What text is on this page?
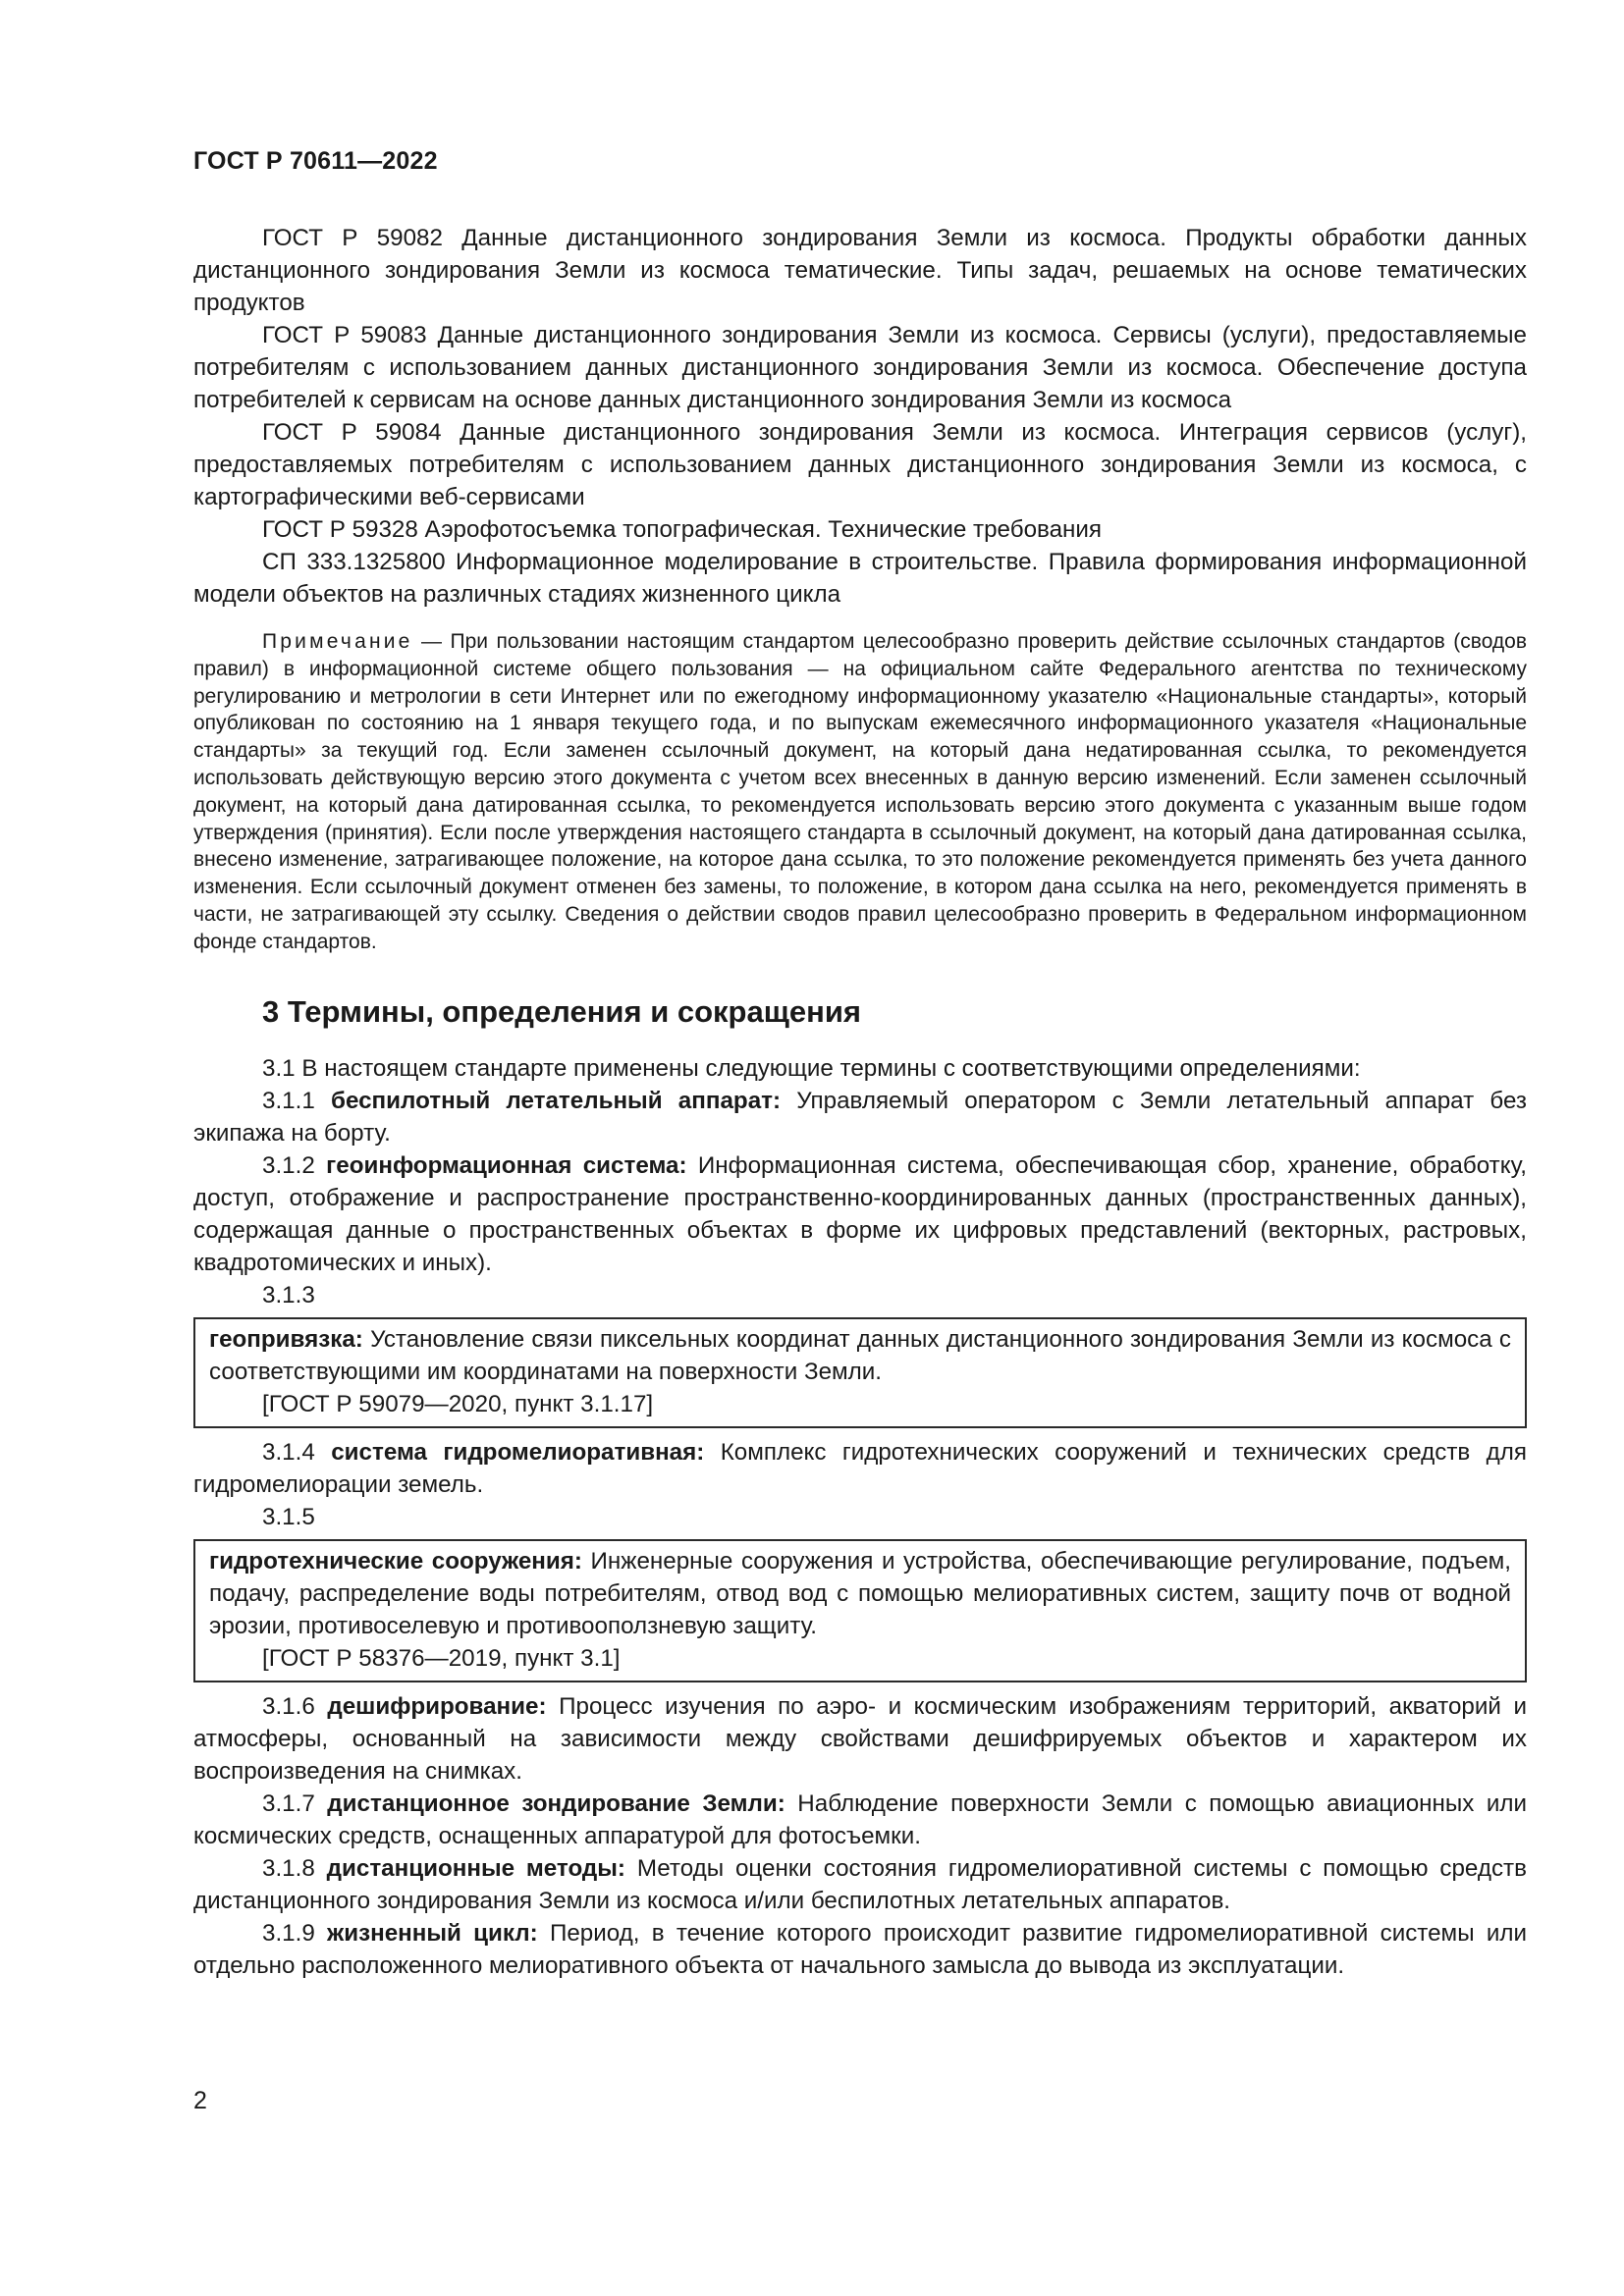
ГОСТ Р 70611—2022

ГОСТ Р 59082 Данные дистанционного зондирования Земли из космоса. Продукты обработки данных дистанционного зондирования Земли из космоса тематические. Типы задач, решаемых на основе тематических продуктов

ГОСТ Р 59083 Данные дистанционного зондирования Земли из космоса. Сервисы (услуги), предоставляемые потребителям с использованием данных дистанционного зондирования Земли из космоса. Обеспечение доступа потребителей к сервисам на основе данных дистанционного зондирования Земли из космоса

ГОСТ Р 59084 Данные дистанционного зондирования Земли из космоса. Интеграция сервисов (услуг), предоставляемых потребителям с использованием данных дистанционного зондирования Земли из космоса, с картографическими веб-сервисами

ГОСТ Р 59328 Аэрофотосъемка топографическая. Технические требования

СП 333.1325800 Информационное моделирование в строительстве. Правила формирования информационной модели объектов на различных стадиях жизненного цикла

Примечание — При пользовании настоящим стандартом целесообразно проверить действие ссылочных стандартов (сводов правил) в информационной системе общего пользования — на официальном сайте Федерального агентства по техническому регулированию и метрологии в сети Интернет или по ежегодному информационному указателю «Национальные стандарты», который опубликован по состоянию на 1 января текущего года, и по выпускам ежемесячного информационного указателя «Национальные стандарты» за текущий год. Если заменен ссылочный документ, на который дана недатированная ссылка, то рекомендуется использовать действующую версию этого документа с учетом всех внесенных в данную версию изменений. Если заменен ссылочный документ, на который дана датированная ссылка, то рекомендуется использовать версию этого документа с указанным выше годом утверждения (принятия). Если после утверждения настоящего стандарта в ссылочный документ, на который дана датированная ссылка, внесено изменение, затрагивающее положение, на которое дана ссылка, то это положение рекомендуется применять без учета данного изменения. Если ссылочный документ отменен без замены, то положение, в котором дана ссылка на него, рекомендуется применять в части, не затрагивающей эту ссылку. Сведения о действии сводов правил целесообразно проверить в Федеральном информационном фонде стандартов.

3 Термины, определения и сокращения

3.1 В настоящем стандарте применены следующие термины с соответствующими определениями:

3.1.1 беспилотный летательный аппарат: Управляемый оператором с Земли летательный аппарат без экипажа на борту.

3.1.2 геоинформационная система: Информационная система, обеспечивающая сбор, хранение, обработку, доступ, отображение и распространение пространственно-координированных данных (пространственных данных), содержащая данные о пространственных объектах в форме их цифровых представлений (векторных, растровых, квадротомических и иных).

3.1.3

геопривязка: Установление связи пиксельных координат данных дистанционного зондирования Земли из космоса с соответствующими им координатами на поверхности Земли.

[ГОСТ Р 59079—2020, пункт 3.1.17]

3.1.4 система гидромелиоративная: Комплекс гидротехнических сооружений и технических средств для гидромелиорации земель.

3.1.5

гидротехнические сооружения: Инженерные сооружения и устройства, обеспечивающие регулирование, подъем, подачу, распределение воды потребителям, отвод вод с помощью мелиоративных систем, защиту почв от водной эрозии, противоселевую и противооползневую защиту.

[ГОСТ Р 58376—2019, пункт 3.1]

3.1.6 дешифрирование: Процесс изучения по аэро- и космическим изображениям территорий, акваторий и атмосферы, основанный на зависимости между свойствами дешифрируемых объектов и характером их воспроизведения на снимках.

3.1.7 дистанционное зондирование Земли: Наблюдение поверхности Земли с помощью авиационных или космических средств, оснащенных аппаратурой для фотосъемки.

3.1.8 дистанционные методы: Методы оценки состояния гидромелиоративной системы с помощью средств дистанционного зондирования Земли из космоса и/или беспилотных летательных аппаратов.

3.1.9 жизненный цикл: Период, в течение которого происходит развитие гидромелиоративной системы или отдельно расположенного мелиоративного объекта от начального замысла до вывода из эксплуатации.

2
